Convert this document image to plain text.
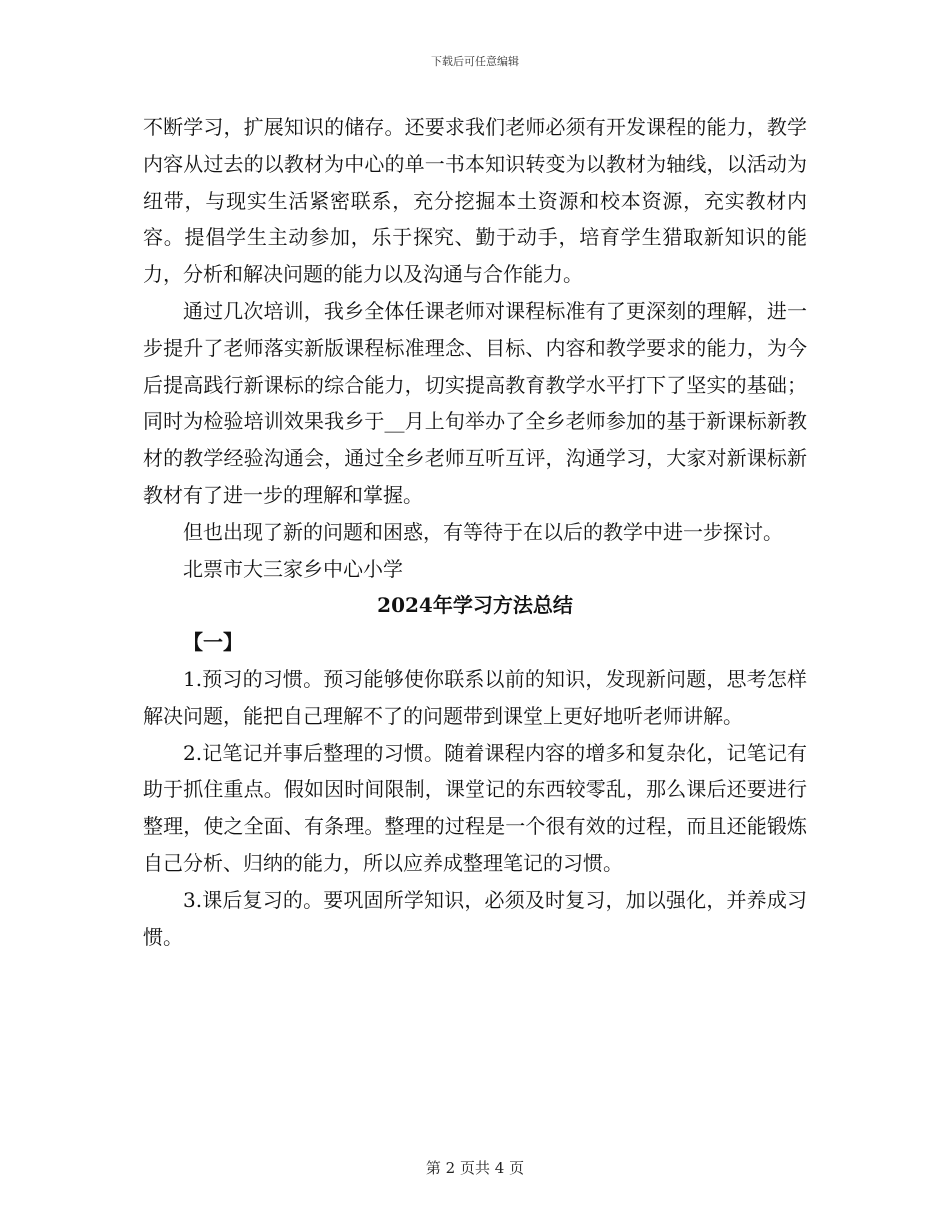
下载后可任意编辑

不断学习，扩展知识的储存。还要求我们老师必须有开发课程的能力，教学内容从过去的以教材为中心的单一书本知识转变为以教材为轴线，以活动为纽带，与现实生活紧密联系，充分挖掘本土资源和校本资源，充实教材内容。提倡学生主动参加，乐于探究、勤于动手，培育学生猎取新知识的能力，分析和解决问题的能力以及沟通与合作能力。

通过几次培训，我乡全体任课老师对课程标准有了更深刻的理解，进一步提升了老师落实新版课程标准理念、目标、内容和教学要求的能力，为今后提高践行新课标的综合能力，切实提高教育教学水平打下了坚实的基础；同时为检验培训效果我乡于__月上旬举办了全乡老师参加的基于新课标新教材的教学经验沟通会，通过全乡老师互听互评，沟通学习，大家对新课标新教材有了进一步的理解和掌握。

但也出现了新的问题和困惑，有等待于在以后的教学中进一步探讨。

北票市大三家乡中心小学

2024年学习方法总结

【一】

1.预习的习惯。预习能够使你联系以前的知识，发现新问题，思考怎样解决问题，能把自己理解不了的问题带到课堂上更好地听老师讲解。

2.记笔记并事后整理的习惯。随着课程内容的增多和复杂化，记笔记有助于抓住重点。假如因时间限制，课堂记的东西较零乱，那么课后还要进行整理，使之全面、有条理。整理的过程是一个很有效的过程，而且还能锻炼自己分析、归纳的能力，所以应养成整理笔记的习惯。

3.课后复习的。要巩固所学知识，必须及时复习，加以强化，并养成习惯。

第 2 页共 4 页
